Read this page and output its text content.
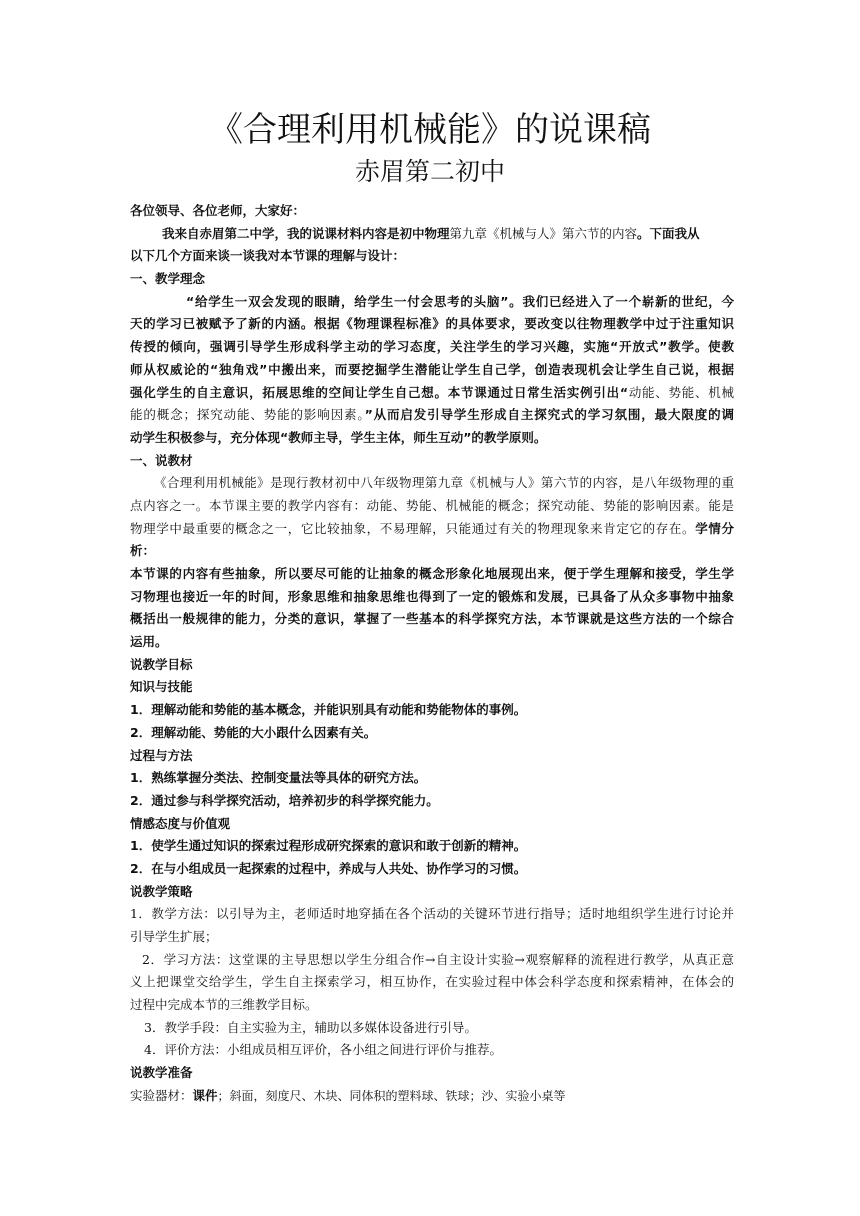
《合理利用机械能》的说课稿
赤眉第二初中
各位领导、各位老师，大家好：
我来自赤眉第二中学，我的说课材料内容是初中物理第九章《机械与人》第六节的内容。下面我从
以下几个方面来谈一谈我对本节课的理解与设计：
一、教学理念
“给学生一双会发现的眼睛，给学生一付会思考的头脑”。我们已经进入了一个崭新的世纪，今
天的学习已被赋予了新的内涵。根据《物理课程标准》的具体要求，要改变以往物理教学中过于注重知识
传授的倾向，强调引导学生形成科学主动的学习态度，关注学生的学习兴趣，实施“开放式”教学。使教
师从权威论的“独角戏”中搬出来，而要挖掘学生潜能让学生自己学，创造表现机会让学生自己说，根据
强化学生的自主意识，拓展思维的空间让学生自己想。本节课通过日常生活实例引出“动能、势能、机械
能的概念；探究动能、势能的影响因素。”从而启发引导学生形成自主探究式的学习氛围，最大限度的调
动学生积极参与，充分体现“教师主导，学生主体，师生互动”的教学原则。
一、说教材
《合理利用机械能》是现行教材初中八年级物理第九章《机械与人》第六节的内容，是八年级物理的重
点内容之一。本节课主要的教学内容有：动能、势能、机械能的概念；探究动能、势能的影响因素。能是
物理学中最重要的概念之一，它比较抽象，不易理解，只能通过有关的物理现象来肯定它的存在。学情分
析：
本节课的内容有些抽象，所以要尽可能的让抽象的概念形象化地展现出来，便于学生理解和接受，学生学
习物理也接近一年的时间，形象思维和抽象思维也得到了一定的锻炼和发展，已具备了从众多事物中抽象
概括出一般规律的能力，分类的意识，掌握了一些基本的科学探究方法，本节课就是这些方法的一个综合
运用。
说教学目标
知识与技能
1．理解动能和势能的基本概念，并能识别具有动能和势能物体的事例。
2．理解动能、势能的大小跟什么因素有关。
过程与方法
1．熟练掌握分类法、控制变量法等具体的研究方法。
2．通过参与科学探究活动，培养初步的科学探究能力。
情感态度与价值观
1．使学生通过知识的探索过程形成研究探索的意识和敢于创新的精神。
2．在与小组成员一起探索的过程中，养成与人共处、协作学习的习惯。
说教学策略
1．教学方法：以引导为主，老师适时地穿插在各个活动的关键环节进行指导；适时地组织学生进行讨论并
引导学生扩展；
2．学习方法：这堂课的主导思想以学生分组合作→自主设计实验→观察解释的流程进行教学，从真正意
义上把课堂交给学生，学生自主探索学习，相互协作，在实验过程中体会科学态度和探索精神，在体会的
过程中完成本节的三维教学目标。
3．教学手段：自主实验为主，辅助以多媒体设备进行引导。
4．评价方法：小组成员相互评价，各小组之间进行评价与推荐。
说教学准备
实验器材：课件；斜面，刻度尺、木块、同体积的塑料球、铁球；沙、实验小桌等
